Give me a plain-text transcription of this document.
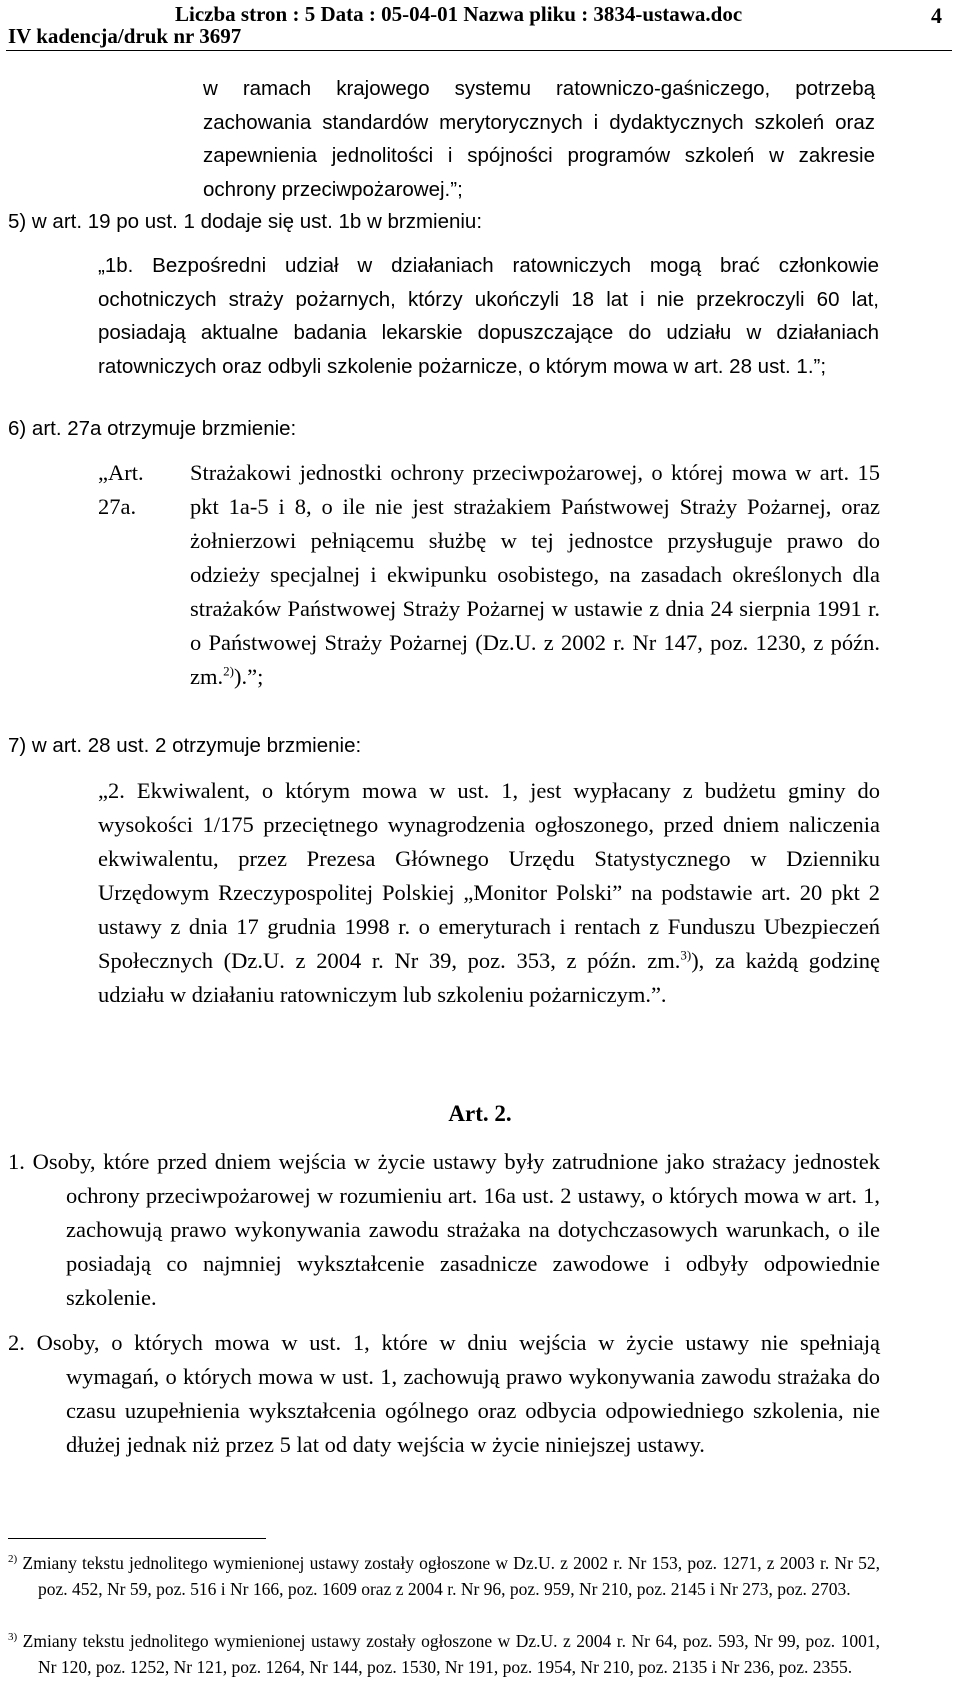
Liczba stron : 5 Data : 05-04-01 Nazwa pliku : 3834-ustawa.doc
IV kadencja/druk nr 3697
4
w ramach krajowego systemu ratowniczo-gaśniczego, potrzebą zachowania standardów merytorycznych i dydaktycznych szkoleń oraz zapewnienia jednolitości i spójności programów szkoleń w zakresie ochrony przeciwpożarowej.”;
5) w art. 19 po ust. 1 dodaje się ust. 1b w brzmieniu:
„1b. Bezpośredni udział w działaniach ratowniczych mogą brać członkowie ochotniczych straży pożarnych, którzy ukończyli 18 lat i nie przekroczyli 60 lat, posiadają aktualne badania lekarskie dopuszczające do udziału w działaniach ratowniczych oraz odbyli szkolenie pożarnicze, o którym mowa w art. 28 ust. 1.”;
6) art. 27a otrzymuje brzmienie:
„Art. 27a.
Strażakowi jednostki ochrony przeciwpożarowej, o której mowa w art. 15 pkt 1a-5 i 8, o ile nie jest strażakiem Państwowej Straży Pożarnej, oraz żołnierzowi pełniącemu służbę w tej jednostce przysługuje prawo do odzieży specjalnej i ekwipunku osobistego, na zasadach określonych dla strażaków Państwowej Straży Pożarnej w ustawie z dnia 24 sierpnia 1991 r. o Państwowej Straży Pożarnej (Dz.U. z 2002 r. Nr 147, poz. 1230, z późn. zm.$^{2)}$).”;
7) w art. 28 ust. 2 otrzymuje brzmienie:
„2. Ekwiwalent, o którym mowa w ust. 1, jest wypłacany z budżetu gminy do wysokości 1/175 przeciętnego wynagrodzenia ogłoszonego, przed dniem naliczenia ekwiwalentu, przez Prezesa Głównego Urzędu Statystycznego w Dzienniku Urzędowym Rzeczypospolitej Polskiej „Monitor Polski” na podstawie art. 20 pkt 2 ustawy z dnia 17 grudnia 1998 r. o emeryturach i rentach z Funduszu Ubezpieczeń Społecznych (Dz.U. z 2004 r. Nr 39, poz. 353, z późn. zm.$^{3)}$), za każdą godzinę udziału w działaniu ratowniczym lub szkoleniu pożarniczym.”.
Art. 2.
1. Osoby, które przed dniem wejścia w życie ustawy były zatrudnione jako strażacy jednostek ochrony przeciwpożarowej w rozumieniu art. 16a ust. 2 ustawy, o których mowa w art. 1, zachowują prawo wykonywania zawodu strażaka na dotychczasowych warunkach, o ile posiadają co najmniej wykształcenie zasadnicze zawodowe i odbyły odpowiednie szkolenie.
2. Osoby, o których mowa w ust. 1, które w dniu wejścia w życie ustawy nie spełniają wymagań, o których mowa w ust. 1, zachowują prawo wykonywania zawodu strażaka do czasu uzupełnienia wykształcenia ogólnego oraz odbycia odpowiedniego szkolenia, nie dłużej jednak niż przez 5 lat od daty wejścia w życie niniejszej ustawy.
$^{2)}$ Zmiany tekstu jednolitego wymienionej ustawy zostały ogłoszone w Dz.U. z 2002 r. Nr 153, poz. 1271, z 2003 r. Nr 52, poz. 452, Nr 59, poz. 516 i Nr 166, poz. 1609 oraz z 2004 r. Nr 96, poz. 959, Nr 210, poz. 2145 i Nr 273, poz. 2703.
$^{3)}$ Zmiany tekstu jednolitego wymienionej ustawy zostały ogłoszone w Dz.U. z 2004 r. Nr 64, poz. 593, Nr 99, poz. 1001, Nr 120, poz. 1252, Nr 121, poz. 1264, Nr 144, poz. 1530, Nr 191, poz. 1954, Nr 210, poz. 2135 i Nr 236, poz. 2355.
